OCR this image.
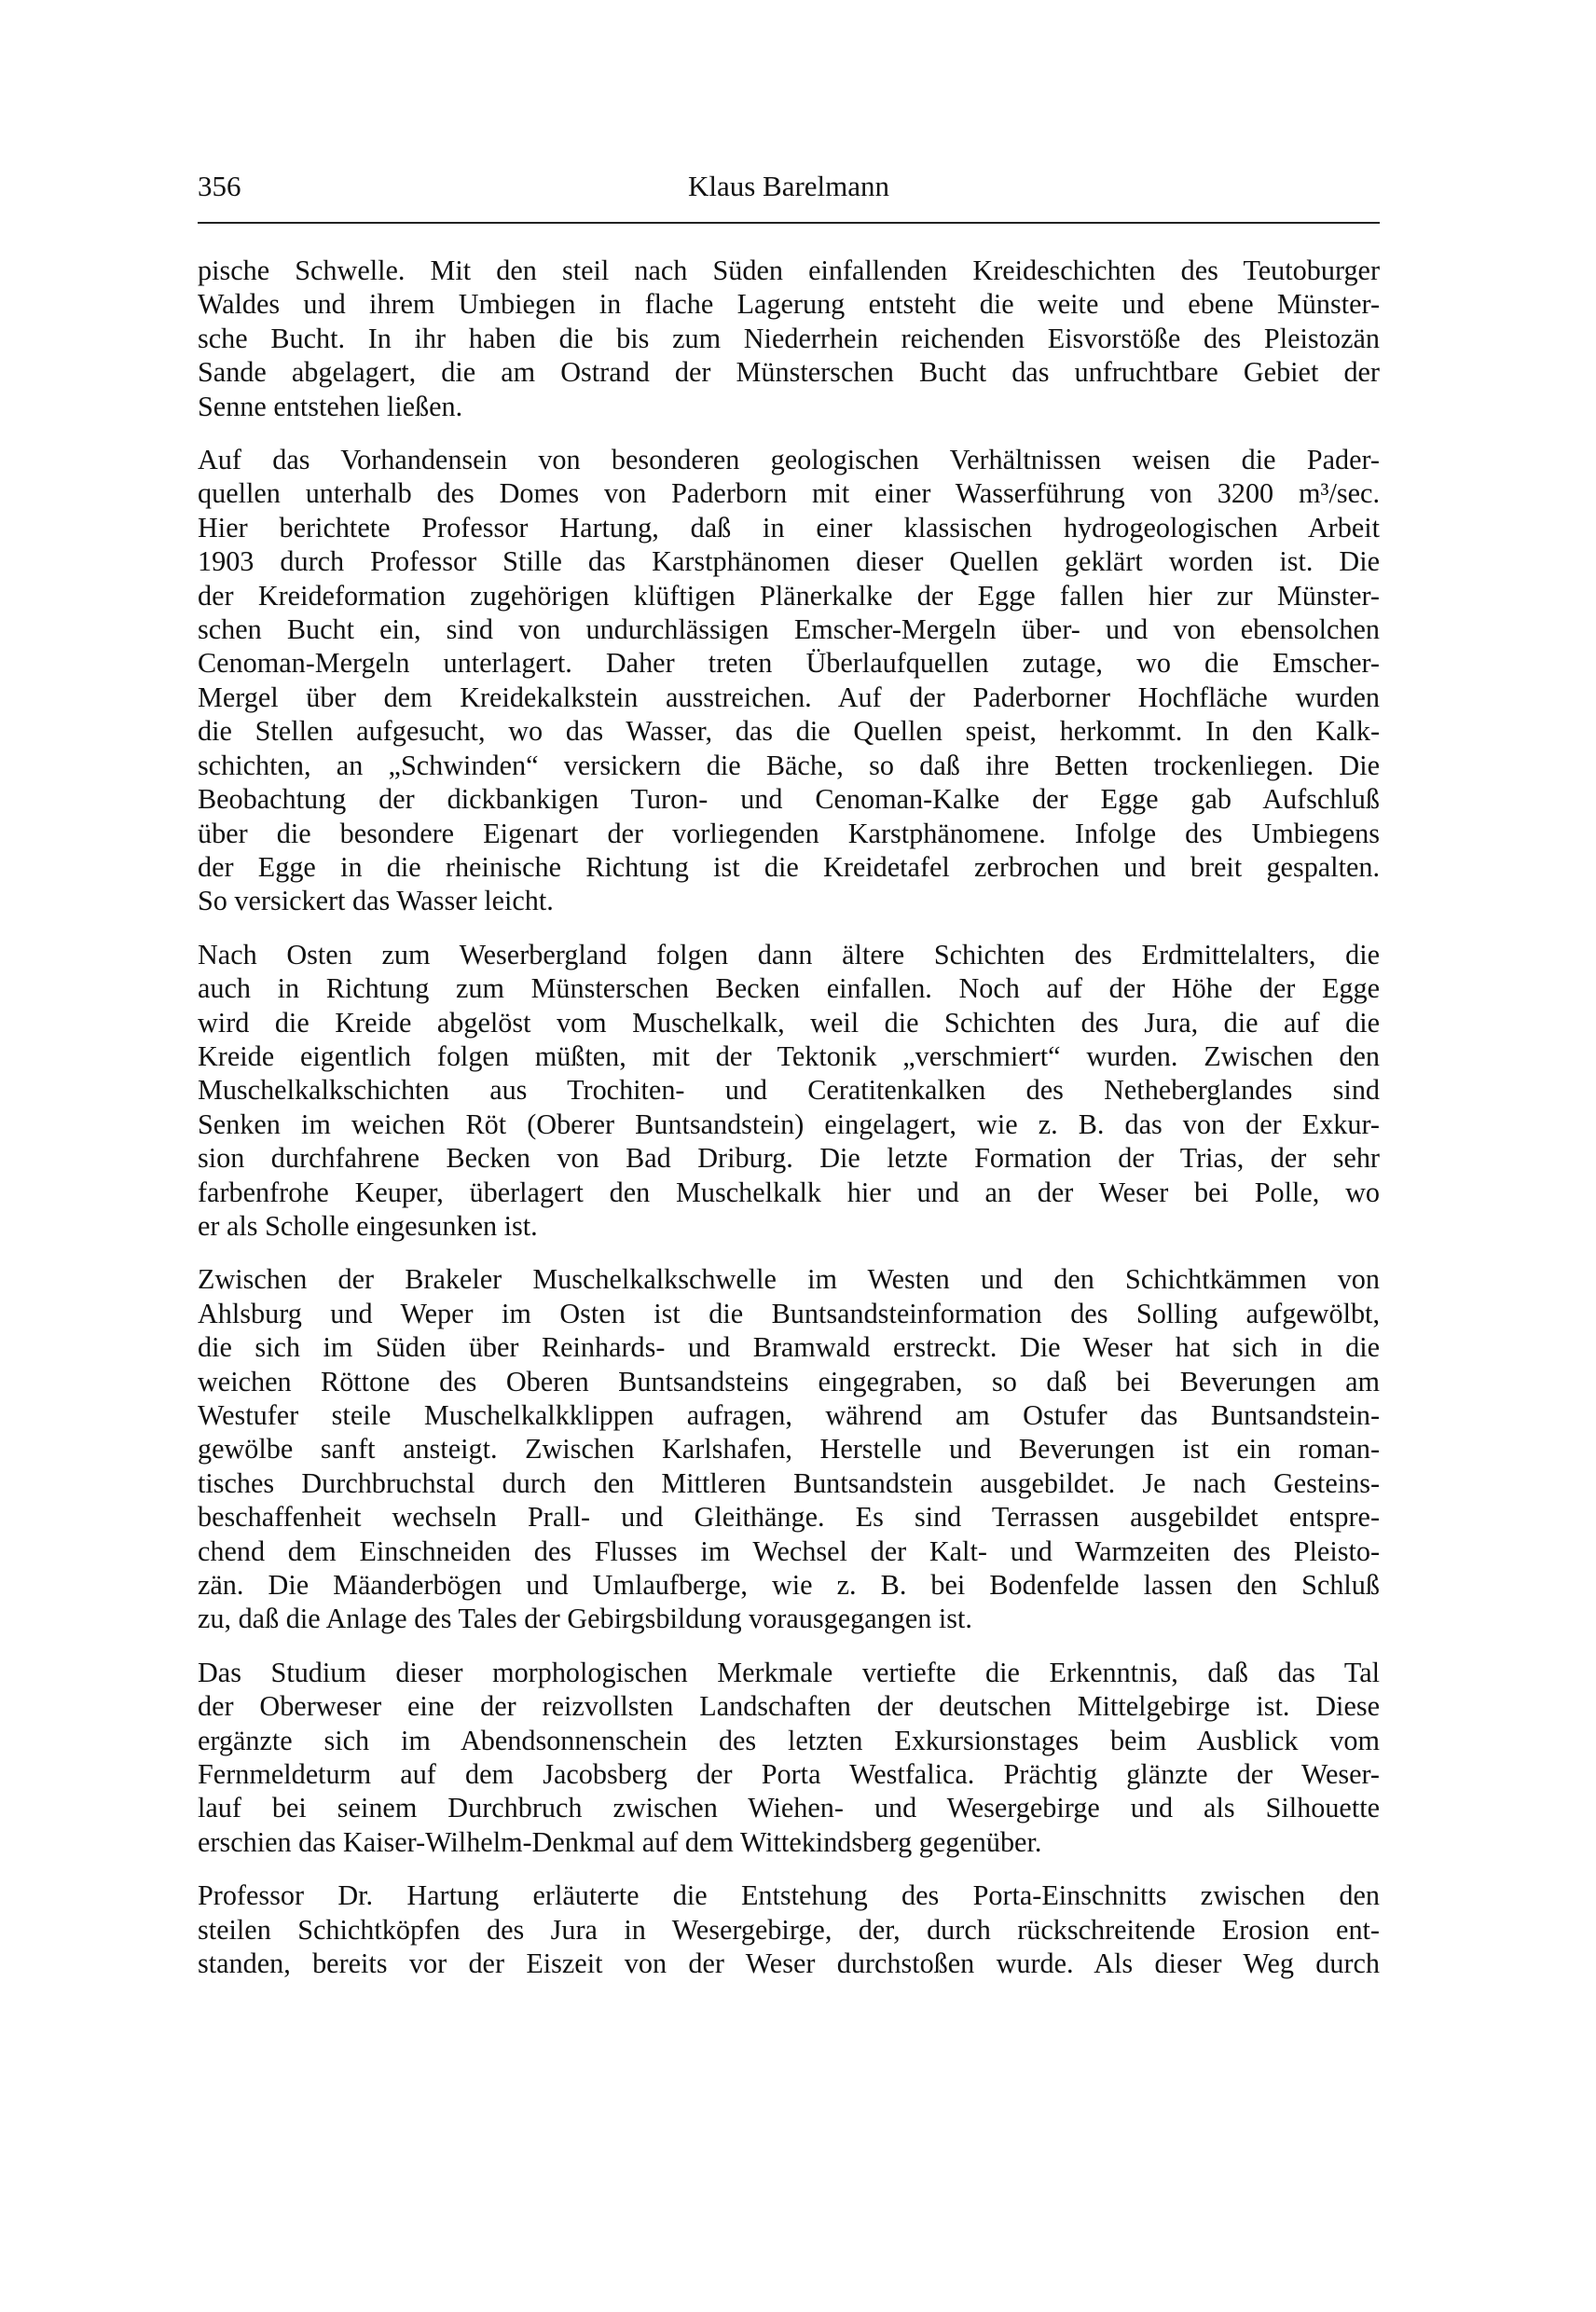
356	Klaus Barelmann

pische Schwelle. Mit den steil nach Süden einfallenden Kreideschichten des Teutoburger
Waldes und ihrem Umbiegen in flache Lagerung entsteht die weite und ebene Münster-
sche Bucht. In ihr haben die bis zum Niederrhein reichenden Eisvorstöße des Pleistozän
Sande abgelagert, die am Ostrand der Münsterschen Bucht das unfruchtbare Gebiet der
Senne entstehen ließen.

Auf das Vorhandensein von besonderen geologischen Verhältnissen weisen die Pader-
quellen unterhalb des Domes von Paderborn mit einer Wasserführung von 3200 m³/sec.
Hier berichtete Professor Hartung, daß in einer klassischen hydrogeologischen Arbeit
1903 durch Professor Stille das Karstphänomen dieser Quellen geklärt worden ist. Die
der Kreideformation zugehörigen klüftigen Plänerkalke der Egge fallen hier zur Münster-
schen Bucht ein, sind von undurchlässigen Emscher-Mergeln über- und von ebensolchen
Cenoman-Mergeln unterlagert. Daher treten Überlaufquellen zutage, wo die Emscher-
Mergel über dem Kreidekalkstein ausstreichen. Auf der Paderborner Hochfläche wurden
die Stellen aufgesucht, wo das Wasser, das die Quellen speist, herkommt. In den Kalk-
schichten, an „Schwinden“ versickern die Bäche, so daß ihre Betten trockenliegen. Die
Beobachtung der dickbankigen Turon- und Cenoman-Kalke der Egge gab Aufschluß
über die besondere Eigenart der vorliegenden Karstphänomene. Infolge des Umbiegens
der Egge in die rheinische Richtung ist die Kreidetafel zerbrochen und breit gespalten.
So versickert das Wasser leicht.

Nach Osten zum Weserbergland folgen dann ältere Schichten des Erdmittelalters, die
auch in Richtung zum Münsterschen Becken einfallen. Noch auf der Höhe der Egge
wird die Kreide abgelöst vom Muschelkalk, weil die Schichten des Jura, die auf die
Kreide eigentlich folgen müßten, mit der Tektonik „verschmiert“ wurden. Zwischen den
Muschelkalkschichten aus Trochiten- und Ceratitenkalken des Netheberglandes sind
Senken im weichen Röt (Oberer Buntsandstein) eingelagert, wie z. B. das von der Exkur-
sion durchfahrene Becken von Bad Driburg. Die letzte Formation der Trias, der sehr
farbenfrohe Keuper, überlagert den Muschelkalk hier und an der Weser bei Polle, wo
er als Scholle eingesunken ist.

Zwischen der Brakeler Muschelkalkschwelle im Westen und den Schichtkämmen von
Ahlsburg und Weper im Osten ist die Buntsandsteinformation des Solling aufgewölbt,
die sich im Süden über Reinhards- und Bramwald erstreckt. Die Weser hat sich in die
weichen Röttone des Oberen Buntsandsteins eingegraben, so daß bei Beverungen am
Westufer steile Muschelkalkklippen aufragen, während am Ostufer das Buntsandstein-
gewölbe sanft ansteigt. Zwischen Karlshafen, Herstelle und Beverungen ist ein roman-
tisches Durchbruchstal durch den Mittleren Buntsandstein ausgebildet. Je nach Gesteins-
beschaffenheit wechseln Prall- und Gleithänge. Es sind Terrassen ausgebildet entspre-
chend dem Einschneiden des Flusses im Wechsel der Kalt- und Warmzeiten des Pleisto-
zän. Die Mäanderbögen und Umlaufberge, wie z. B. bei Bodenfelde lassen den Schluß
zu, daß die Anlage des Tales der Gebirgsbildung vorausgegangen ist.

Das Studium dieser morphologischen Merkmale vertiefte die Erkenntnis, daß das Tal
der Oberweser eine der reizvollsten Landschaften der deutschen Mittelgebirge ist. Diese
ergänzte sich im Abendsonnenschein des letzten Exkursionstages beim Ausblick vom
Fernmeldeturm auf dem Jacobsberg der Porta Westfalica. Prächtig glänzte der Weser-
lauf bei seinem Durchbruch zwischen Wiehen- und Wesergebirge und als Silhouette
erschien das Kaiser-Wilhelm-Denkmal auf dem Wittekindsberg gegenüber.

Professor Dr. Hartung erläuterte die Entstehung des Porta-Einschnitts zwischen den
steilen Schichtköpfen des Jura in Wesergebirge, der, durch rückschreitende Erosion ent-
standen, bereits vor der Eiszeit von der Weser durchstoßen wurde. Als dieser Weg durch
